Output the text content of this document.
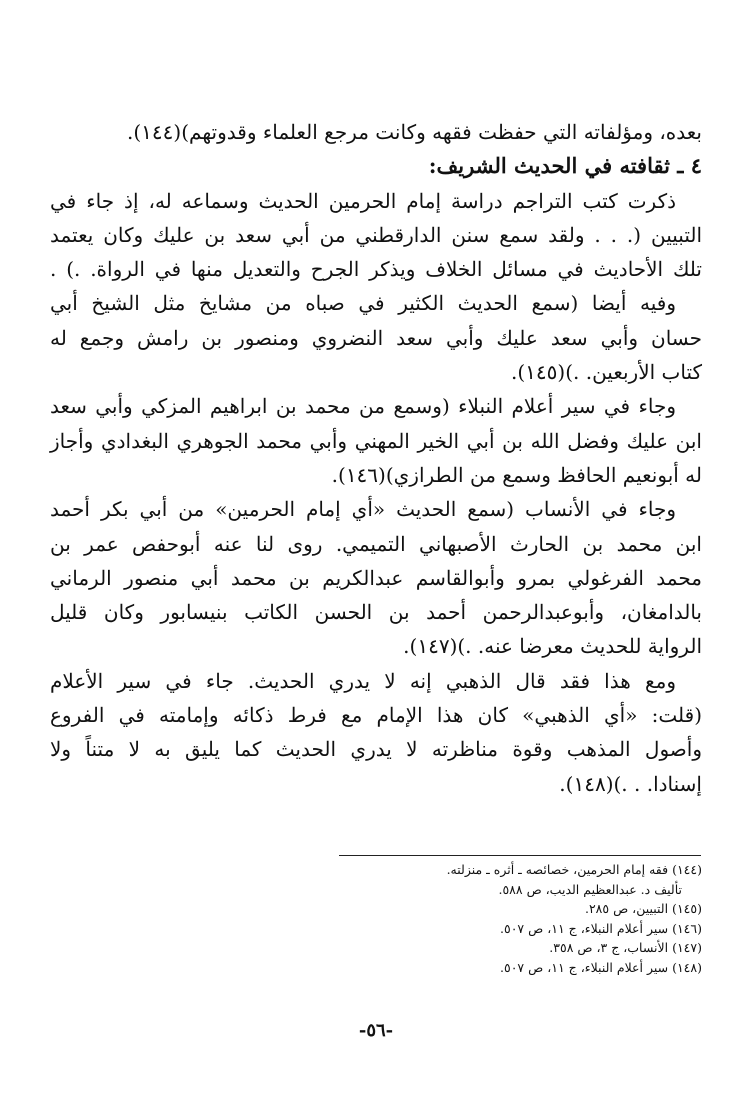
بعده، ومؤلفاته التي حفظت فقهه وكانت مرجع العلماء وقدوتهم)(١٤٤).
٤ ـ ثقافته في الحديث الشريف:
ذكرت كتب التراجم دراسة إمام الحرمين الحديث وسماعه له، إذ جاء في
التبيين (. . . ولقد سمع سنن الدارقطني من أبي سعد بن عليك وكان يعتمد
تلك الأحاديث في مسائل الخلاف ويذكر الجرح والتعديل منها في الرواة. .) .
وفيه أيضا (سمع الحديث الكثير في صباه من مشايخ مثل الشيخ أبي
حسان وأبي سعد عليك وأبي سعد النضروي ومنصور بن رامش وجمع له
كتاب الأربعين. .)(١٤٥).
وجاء في سير أعلام النبلاء (وسمع من محمد بن ابراهيم المزكي وأبي سعد
ابن عليك وفضل الله بن أبي الخير المهني وأبي محمد الجوهري البغدادي وأجاز
له أبونعيم الحافظ وسمع من الطرازي)(١٤٦).
وجاء في الأنساب (سمع الحديث «أي إمام الحرمين» من أبي بكر أحمد
ابن محمد بن الحارث الأصبهاني التميمي. روى لنا عنه أبوحفص عمر بن
محمد الفرغولي بمرو وأبوالقاسم عبدالكريم بن محمد أبي منصور الرماني
بالدامغان، وأبوعبدالرحمن أحمد بن الحسن الكاتب بنيسابور وكان قليل
الرواية للحديث معرضا عنه. .)(١٤٧).
ومع هذا فقد قال الذهبي إنه لا يدري الحديث. جاء في سير الأعلام
(قلت: «أي الذهبي» كان هذا الإمام مع فرط ذكائه وإمامته في الفروع
وأصول المذهب وقوة مناظرته لا يدري الحديث كما يليق به لا متناً ولا
إسنادا. . .)(١٤٨).
(١٤٤) فقه إمام الحرمين، خصائصه ـ أثره ـ منزلته.
تأليف د. عبدالعظيم الديب، ص ٥٨٨.
(١٤٥) التبيين، ص ٢٨٥.
(١٤٦) سير أعلام النبلاء، ج ١١، ص ٥٠٧.
(١٤٧) الأنساب، ج ٣، ص ٣٥٨.
(١٤٨) سير أعلام النبلاء، ج ١١، ص ٥٠٧.
-٥٦-
